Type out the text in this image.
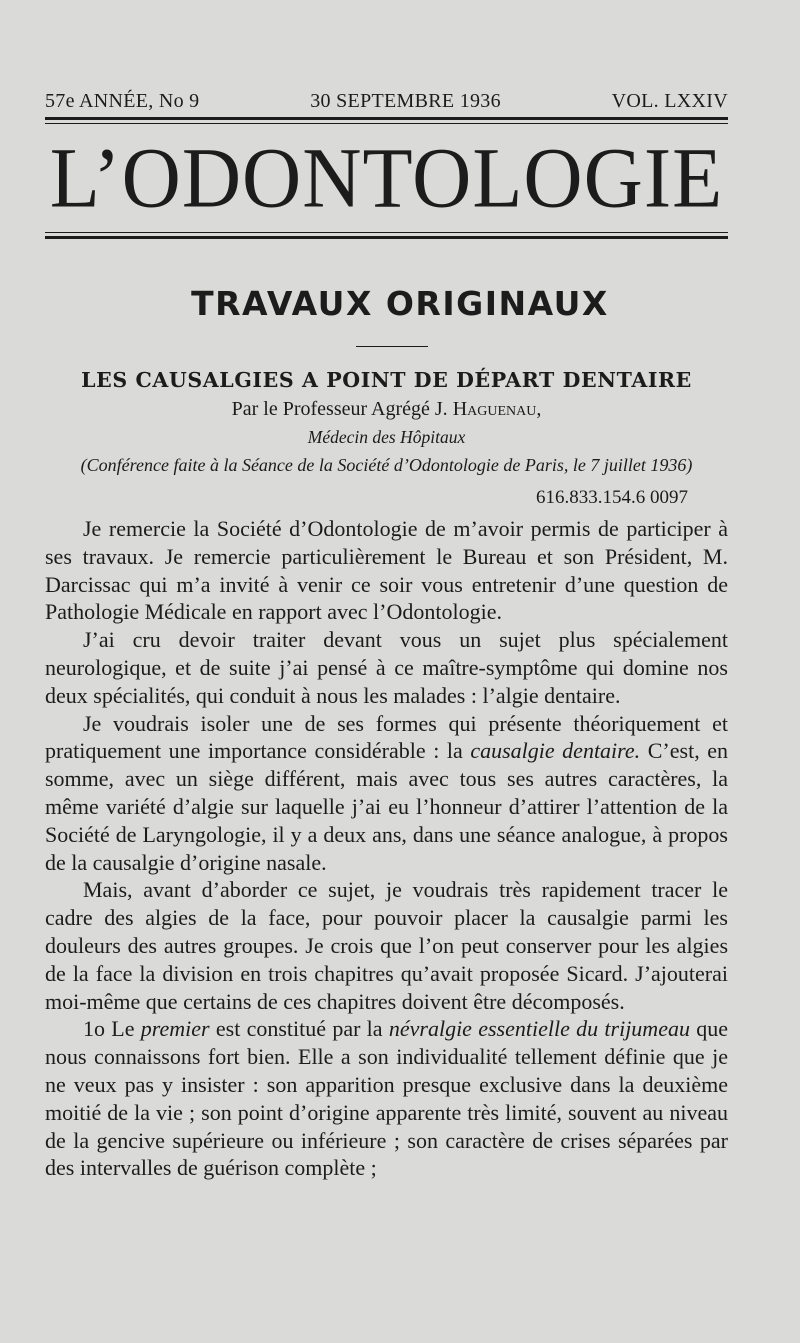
57e ANNÉE, No 9	30 SEPTEMBRE 1936	VOL. LXXIV
L’ODONTOLOGIE
TRAVAUX ORIGINAUX
LES CAUSALGIES A POINT DE DÉPART DENTAIRE
Par le Professeur Agrégé J. Haguenau,
Médecin des Hôpitaux
(Conférence faite à la Séance de la Société d’Odontologie de Paris, le 7 juillet 1936)
616.833.154.6 0097

Je remercie la Société d’Odontologie de m’avoir permis de participer à ses travaux. Je remercie particulièrement le Bureau et son Président, M. Darcissac qui m’a invité à venir ce soir vous entretenir d’une question de Pathologie Médicale en rapport avec l’Odontologie.

J’ai cru devoir traiter devant vous un sujet plus spécialement neurologique, et de suite j’ai pensé à ce maître-symptôme qui domine nos deux spécialités, qui conduit à nous les malades : l’algie dentaire.

Je voudrais isoler une de ses formes qui présente théoriquement et pratiquement une importance considérable : la causalgie dentaire. C’est, en somme, avec un siège différent, mais avec tous ses autres caractères, la même variété d’algie sur laquelle j’ai eu l’honneur d’attirer l’attention de la Société de Laryngologie, il y a deux ans, dans une séance analogue, à propos de la causalgie d’origine nasale.

Mais, avant d’aborder ce sujet, je voudrais très rapidement tracer le cadre des algies de la face, pour pouvoir placer la causalgie parmi les douleurs des autres groupes. Je crois que l’on peut conserver pour les algies de la face la division en trois chapitres qu’avait proposée Sicard. J’ajouterai moi-même que certains de ces chapitres doivent être décomposés.

1o Le premier est constitué par la névralgie essentielle du trijumeau que nous connaissons fort bien. Elle a son individualité tellement définie que je ne veux pas y insister : son apparition presque exclusive dans la deuxième moitié de la vie ; son point d’origine apparente très limité, souvent au niveau de la gencive supérieure ou inférieure ; son caractère de crises séparées par des intervalles de guérison complète ;
